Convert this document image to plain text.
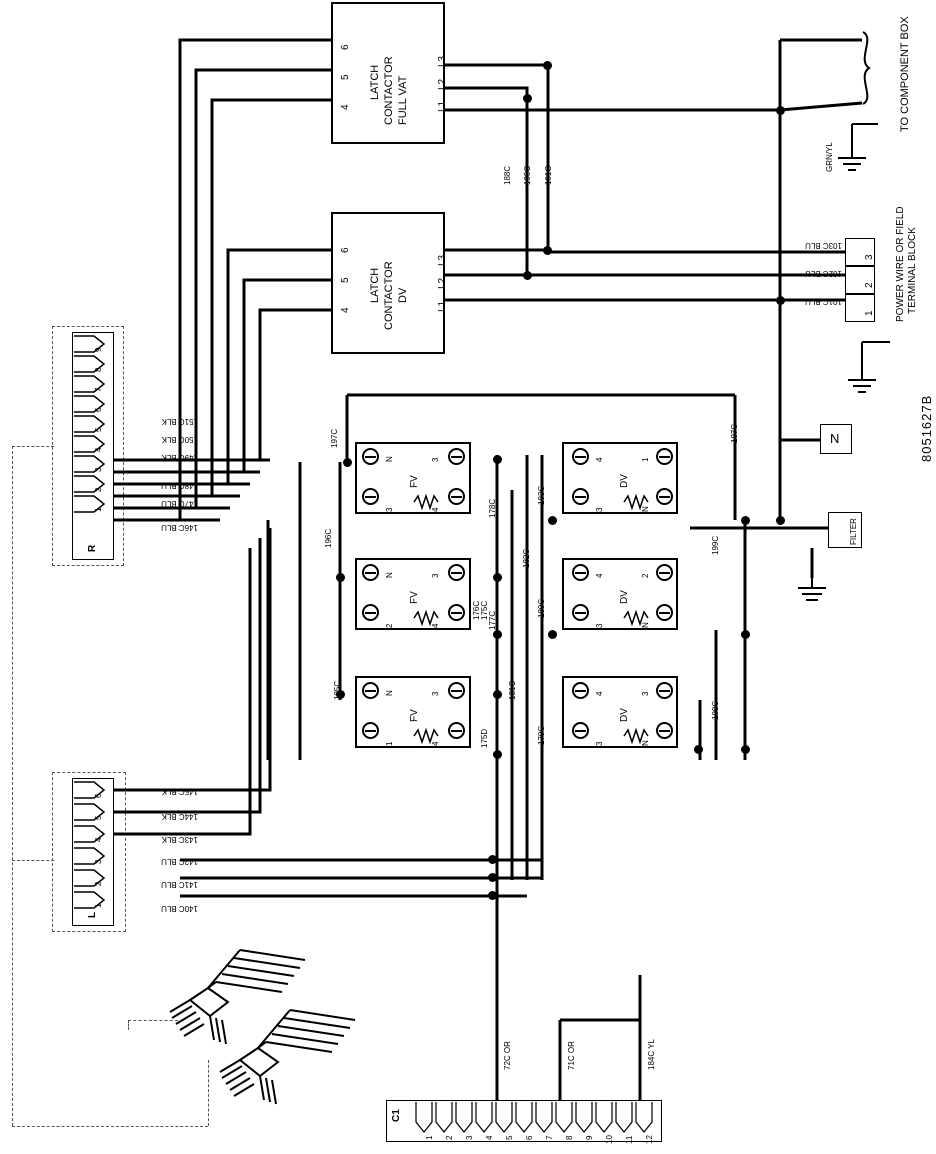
LATCH CONTACTOR FULL VAT
6
5
4
L3
L2
L1
LATCH CONTACTOR DV
6
5
4
L3
L2
L1
TO COMPONENT BOX
GRN/YL
3
2
1
103C BLU
102C BLU
101C BLU	POWER WIRE OR FIELD TERMINAL BLOCK
8051627B
N
FILTER
188C 190C 191C
R
9
8
7
6
5
4
3
2
1
151C BLK
150C BLK
149C BLK
148C BLU
147C BLU
146C BLU
L
6
5
4
3
2
1
145C BLK
144C BLK
143C BLK
142C BLU
141C BLU
140C BLU
FV
N	3
3	4
FV
N	3
2	4
FV
N	3
1	4
DV
4	1
3	N
DV
4	2
3	N
DV
4	3
3	N
197C
196C
195C
178C
177C
175D
175C
176C
183C
182C
181C
180C
179C
197C
199C
198C
C1
1 2 3 4 5 6 7 8 9 10 11 12
72C OR	71C OR	184C YL
